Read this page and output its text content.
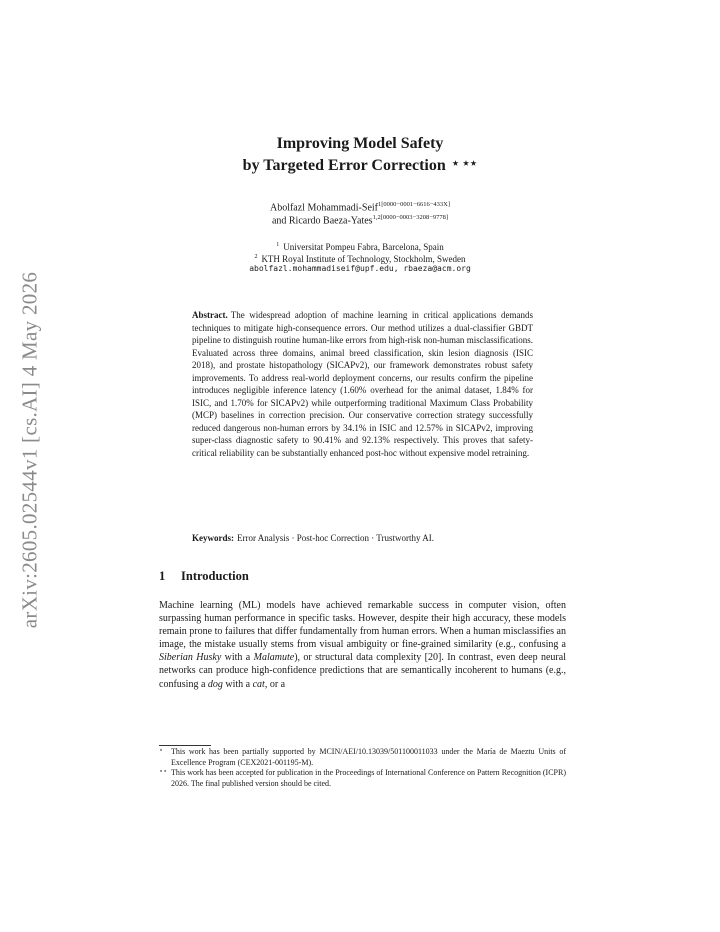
arXiv:2605.02544v1 [cs.AI] 4 May 2026
Improving Model Safety
by Targeted Error Correction ⋆ ⋆⋆
Abolfazl Mohammadi-Seif$^{1[0000-0001-6616-433X]}$
and Ricardo Baeza-Yates$^{1,2[0000-0003-3208-9778]}$
$^1$ Universitat Pompeu Fabra, Barcelona, Spain
$^2$ KTH Royal Institute of Technology, Stockholm, Sweden
abolfazl.mohammadiseif@upf.edu, rbaeza@acm.org
Abstract. The widespread adoption of machine learning in critical applications demands techniques to mitigate high-consequence errors. Our method utilizes a dual-classifier GBDT pipeline to distinguish routine human-like errors from high-risk non-human misclassifications. Evaluated across three domains, animal breed classification, skin lesion diagnosis (ISIC 2018), and prostate histopathology (SICAPv2), our framework demonstrates robust safety improvements. To address real-world deployment concerns, our results confirm the pipeline introduces negligible inference latency (1.60% overhead for the animal dataset, 1.84% for ISIC, and 1.70% for SICAPv2) while outperforming traditional Maximum Class Probability (MCP) baselines in correction precision. Our conservative correction strategy successfully reduced dangerous non-human errors by 34.1% in ISIC and 12.57% in SICAPv2, improving super-class diagnostic safety to 90.41% and 92.13% respectively. This proves that safety-critical reliability can be substantially enhanced post-hoc without expensive model retraining.
Keywords: Error Analysis · Post-hoc Correction · Trustworthy AI.
1 Introduction
Machine learning (ML) models have achieved remarkable success in computer vision, often surpassing human performance in specific tasks. However, despite their high accuracy, these models remain prone to failures that differ fundamentally from human errors. When a human misclassifies an image, the mistake usually stems from visual ambiguity or fine-grained similarity (e.g., confusing a Siberian Husky with a Malamute), or structural data complexity [20]. In contrast, even deep neural networks can produce high-confidence predictions that are semantically incoherent to humans (e.g., confusing a dog with a cat, or a
⋆ This work has been partially supported by MCIN/AEI/10.13039/501100011033 under the María de Maeztu Units of Excellence Program (CEX2021-001195-M).
⋆⋆ This work has been accepted for publication in the Proceedings of International Conference on Pattern Recognition (ICPR) 2026. The final published version should be cited.
